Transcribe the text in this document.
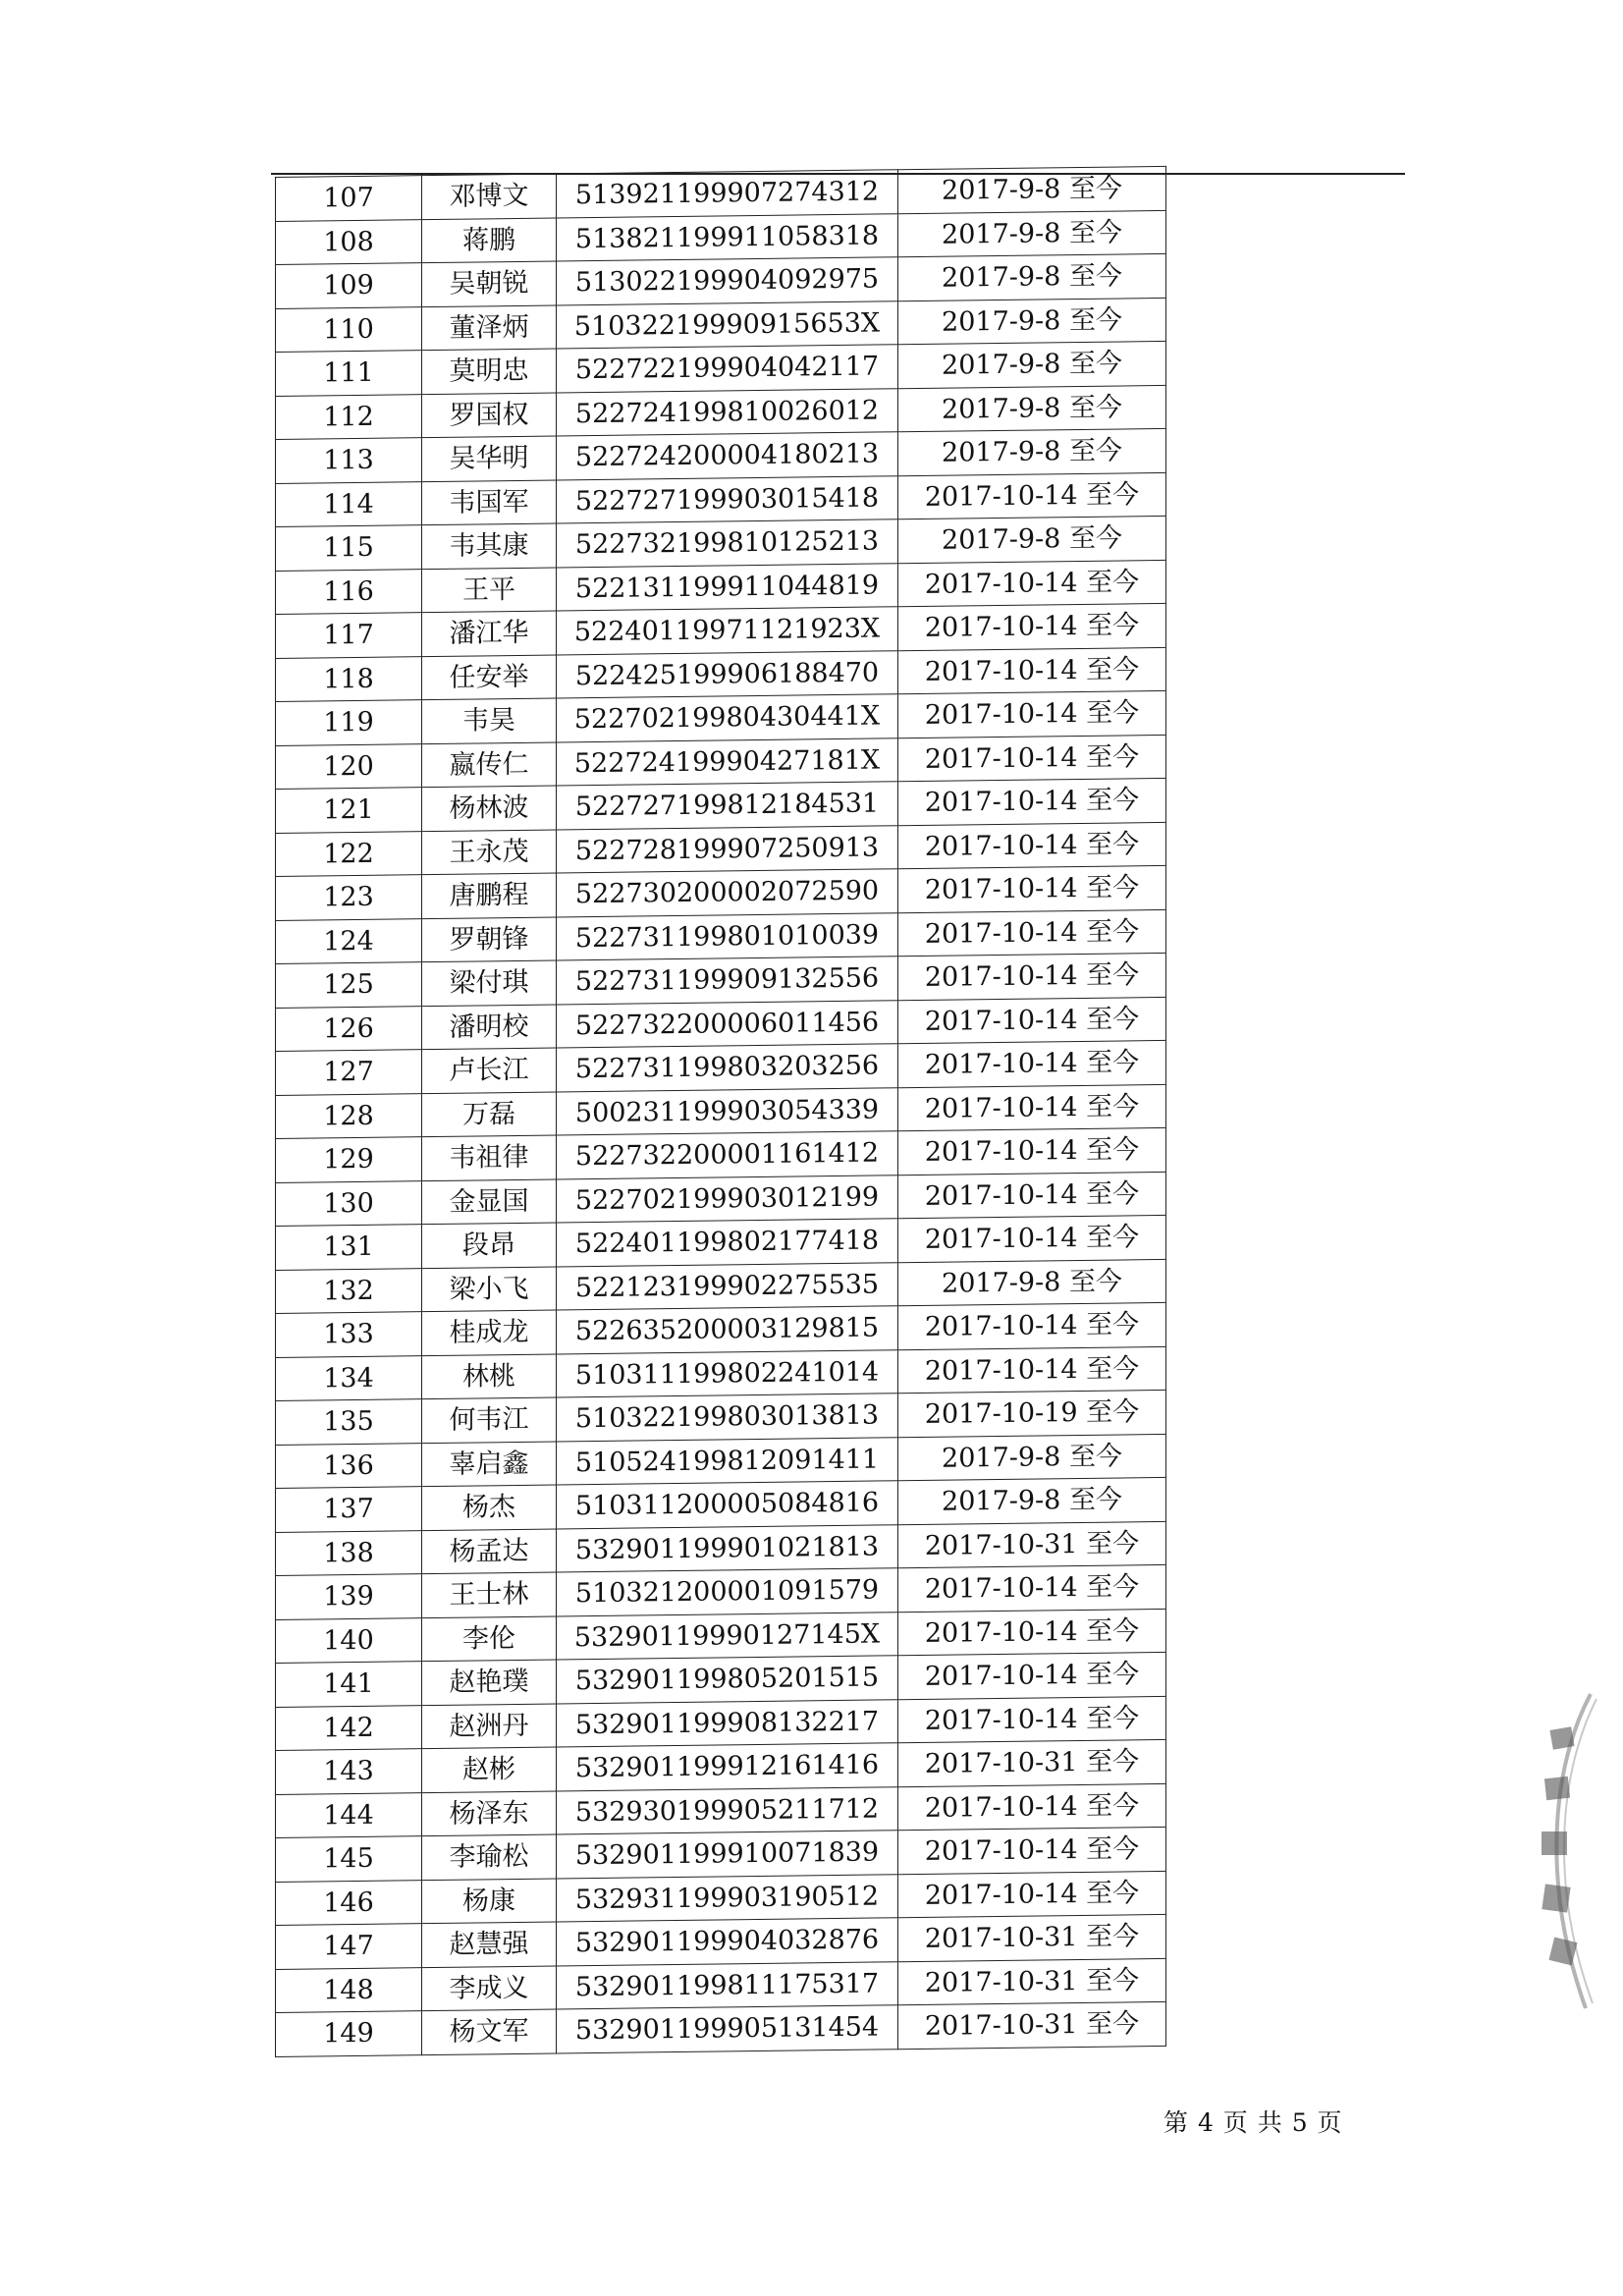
107	邓博文	513921199907274312	2017-9-8 至今
108	蒋鹏	513821199911058318	2017-9-8 至今
109	吴朝锐	513022199904092975	2017-9-8 至今
110	董泽炳	51032219990915653X	2017-9-8 至今
111	莫明忠	522722199904042117	2017-9-8 至今
112	罗国权	522724199810026012	2017-9-8 至今
113	吴华明	522724200004180213	2017-9-8 至今
114	韦国军	522727199903015418	2017-10-14 至今
115	韦其康	522732199810125213	2017-9-8 至今
116	王平	522131199911044819	2017-10-14 至今
117	潘江华	52240119971121923X	2017-10-14 至今
118	任安举	522425199906188470	2017-10-14 至今
119	韦昊	52270219980430441X	2017-10-14 至今
120	嬴传仁	52272419990427181X	2017-10-14 至今
121	杨林波	522727199812184531	2017-10-14 至今
122	王永茂	522728199907250913	2017-10-14 至今
123	唐鹏程	522730200002072590	2017-10-14 至今
124	罗朝锋	522731199801010039	2017-10-14 至今
125	梁付琪	522731199909132556	2017-10-14 至今
126	潘明校	522732200006011456	2017-10-14 至今
127	卢长江	522731199803203256	2017-10-14 至今
128	万磊	500231199903054339	2017-10-14 至今
129	韦祖律	522732200001161412	2017-10-14 至今
130	金显国	522702199903012199	2017-10-14 至今
131	段昂	522401199802177418	2017-10-14 至今
132	梁小飞	522123199902275535	2017-9-8 至今
133	桂成龙	522635200003129815	2017-10-14 至今
134	林桃	510311199802241014	2017-10-14 至今
135	何韦江	510322199803013813	2017-10-19 至今
136	辜启鑫	510524199812091411	2017-9-8 至今
137	杨杰	510311200005084816	2017-9-8 至今
138	杨孟达	532901199901021813	2017-10-31 至今
139	王士林	510321200001091579	2017-10-14 至今
140	李伦	53290119990127145X	2017-10-14 至今
141	赵艳璞	532901199805201515	2017-10-14 至今
142	赵洲丹	532901199908132217	2017-10-14 至今
143	赵彬	532901199912161416	2017-10-31 至今
144	杨泽东	532930199905211712	2017-10-14 至今
145	李瑜松	532901199910071839	2017-10-14 至今
146	杨康	532931199903190512	2017-10-14 至今
147	赵慧强	532901199904032876	2017-10-31 至今
148	李成义	532901199811175317	2017-10-31 至今
149	杨文军	532901199905131454	2017-10-31 至今
第 4 页 共 5 页
